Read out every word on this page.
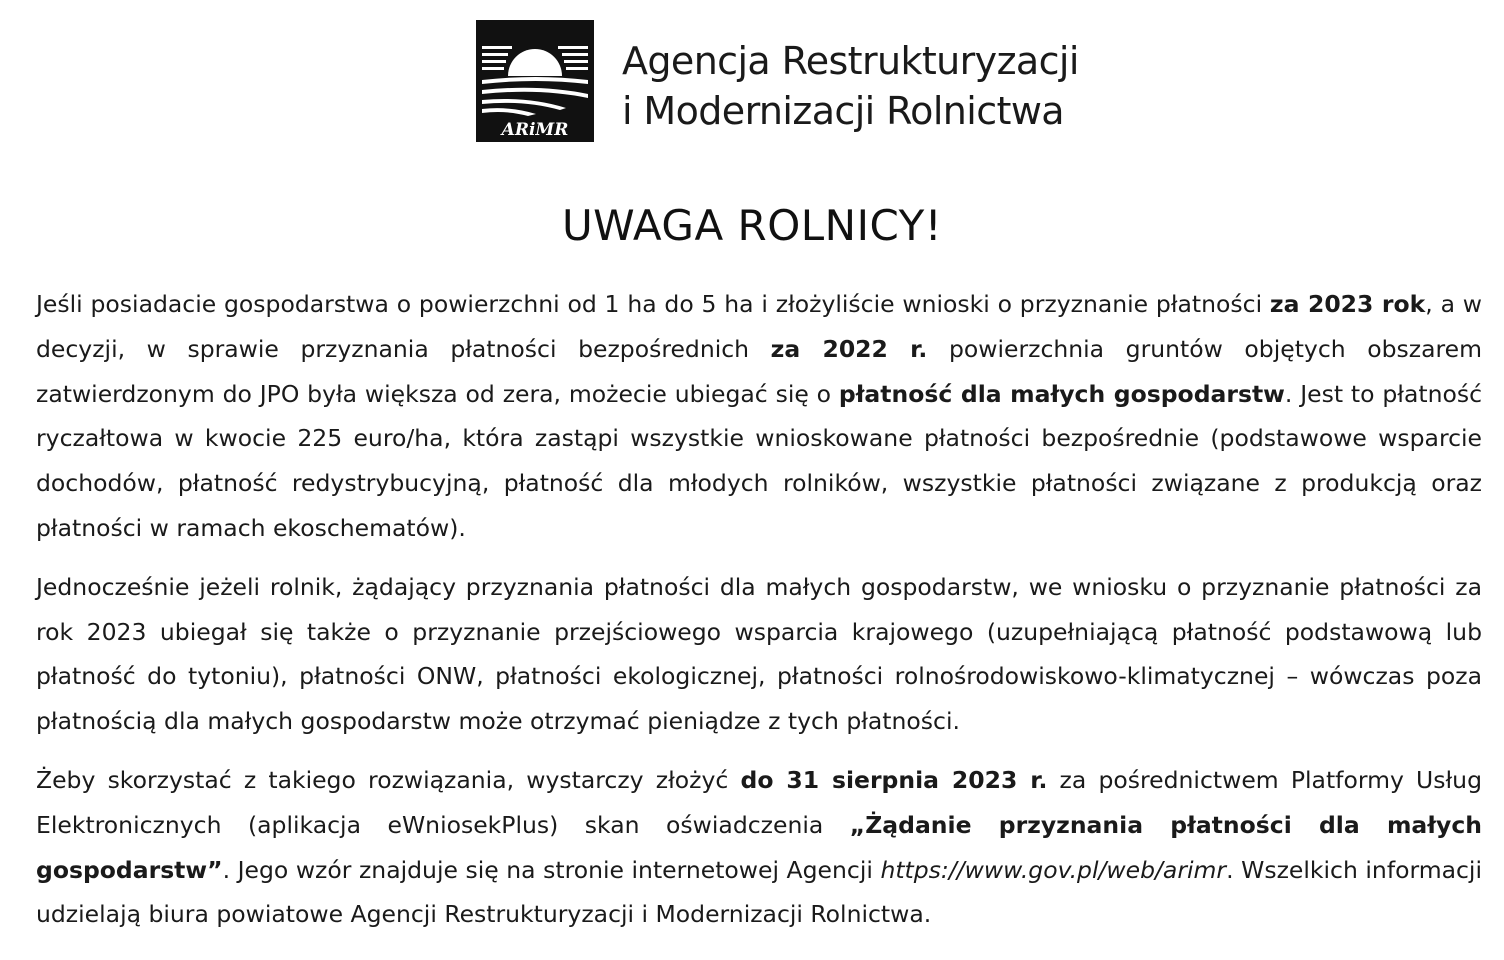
ARiMR
Agencja Restrukturyzacji
i Modernizacji Rolnictwa
UWAGA ROLNICY!

Jeśli posiadacie gospodarstwa o powierzchni od 1 ha do 5 ha i złożyliście wnioski o przyznanie płatności za 2023 rok, a w decyzji, w sprawie przyznania płatności bezpośrednich za 2022 r. powierzchnia gruntów objętych obszarem zatwierdzonym do JPO była większa od zera, możecie ubiegać się o płatność dla małych gospodarstw. Jest to płatność ryczałtowa w kwocie 225 euro/ha, która zastąpi wszystkie wnioskowane płatności bezpośrednie (podstawowe wsparcie dochodów, płatność redystrybucyjną, płatność dla młodych rolników, wszystkie płatności związane z produkcją oraz płatności w ramach ekoschematów).

Jednocześnie jeżeli rolnik, żądający przyznania płatności dla małych gospodarstw, we wniosku o przyznanie płatności za rok 2023 ubiegał się także o przyznanie przejściowego wsparcia krajowego (uzupełniającą płatność podstawową lub płatność do tytoniu), płatności ONW, płatności ekologicznej, płatności rolnośrodowiskowo-klimatycznej – wówczas poza płatnością dla małych gospodarstw może otrzymać pieniądze z tych płatności.

Żeby skorzystać z takiego rozwiązania, wystarczy złożyć do 31 sierpnia 2023 r. za pośrednictwem Platformy Usług Elektronicznych (aplikacja eWniosekPlus) skan oświadczenia „Żądanie przyznania płatności dla małych gospodarstw”. Jego wzór znajduje się na stronie internetowej Agencji https://www.gov.pl/web/arimr. Wszelkich informacji udzielają biura powiatowe Agencji Restrukturyzacji i Modernizacji Rolnictwa.
